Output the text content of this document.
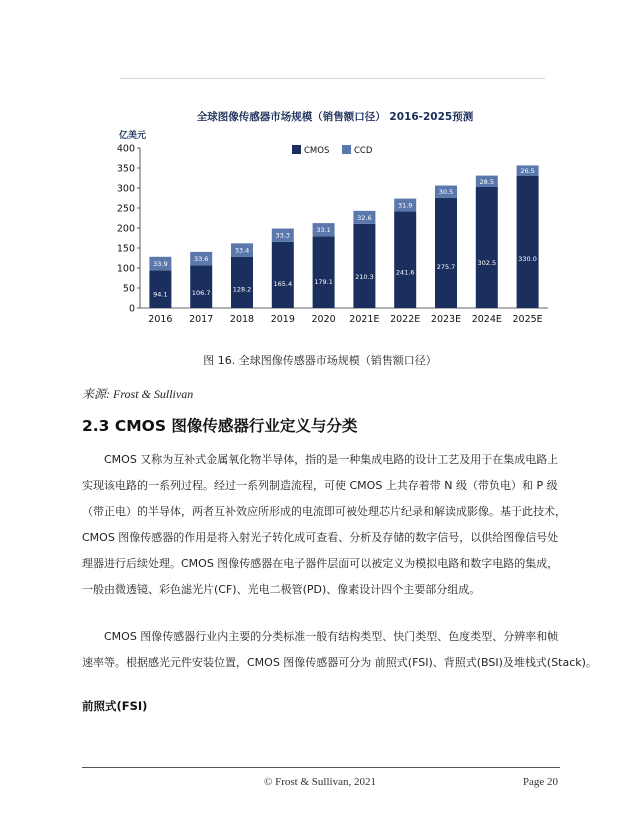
全球图像传感器市场规模（销售额口径） 2016-2025预测
亿美元
0
50
100
150
200
250
300
350
400
94.1
33.9
2016
106.7
33.6
2017
128.2
33.4
2018
165.4
33.3
2019
179.1
33.1
2020
210.3
32.6
2021E
241.6
31.9
2022E
275.7
30.5
2023E
302.5
28.5
2024E
330.0
26.5
2025E
CMOS	CCD
图 16. 全球图像传感器市场规模（销售额口径）
来源: Frost & Sullivan
2.3 CMOS 图像传感器行业定义与分类
　　CMOS 又称为互补式金属氧化物半导体，指的是一种集成电路的设计工艺及用于在集成电路上
实现该电路的一系列过程。经过一系列制造流程，可使 CMOS 上共存着带 N 级（带负电）和 P 级
（带正电）的半导体，两者互补效应所形成的电流即可被处理芯片纪录和解读成影像。基于此技术，
CMOS 图像传感器的作用是将入射光子转化成可查看、分析及存储的数字信号，以供给图像信号处
理器进行后续处理。CMOS 图像传感器在电子器件层面可以被定义为模拟电路和数字电路的集成，
一般由微透镜、彩色滤光片(CF)、光电二极管(PD)、像素设计四个主要部分组成。
　　CMOS 图像传感器行业内主要的分类标准一般有结构类型、快门类型、色度类型、分辨率和帧
速率等。根据感光元件安装位置，CMOS 图像传感器可分为 前照式(FSI)、背照式(BSI)及堆栈式(Stack)。
前照式(FSI)
© Frost & Sullivan, 2021	Page 20
